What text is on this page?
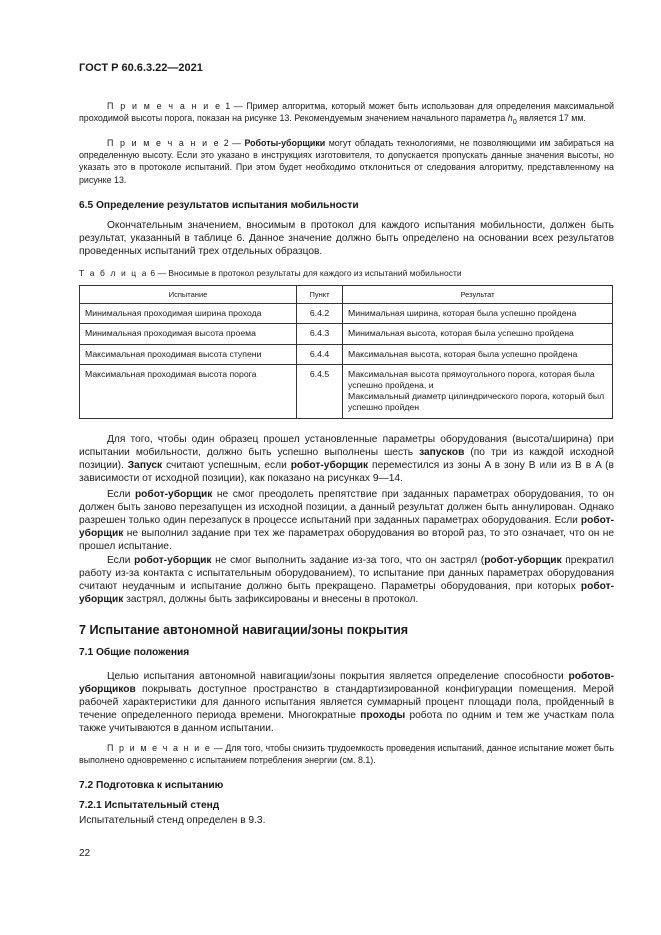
ГОСТ Р 60.6.3.22—2021

П р и м е ч а н и е 1 — Пример алгоритма, который может быть использован для определения максимальной проходимой высоты порога, показан на рисунке 13. Рекомендуемым значением начального параметра $h_0$ является 17 мм.

П р и м е ч а н и е 2 — Роботы-уборщики могут обладать технологиями, не позволяющими им забираться на определенную высоту. Если это указано в инструкциях изготовителя, то допускается пропускать данные значения высоты, но указать это в протоколе испытаний. При этом будет необходимо отклониться от следования алгоритму, представленному на рисунке 13.

6.5 Определение результатов испытания мобильности

Окончательным значением, вносимым в протокол для каждого испытания мобильности, должен быть результат, указанный в таблице 6. Данное значение должно быть определено на основании всех результатов проведенных испытаний трех отдельных образцов.

Т а б л и ц а 6 — Вносимые в протокол результаты для каждого из испытаний мобильности
Испытание	Пункт	Результат
Минимальная проходимая ширина прохода	6.4.2	Минимальная ширина, которая была успешно пройдена
Минимальная проходимая высота проема	6.4.3	Минимальная высота, которая была успешно пройдена
Максимальная проходимая высота ступени	6.4.4	Максимальная высота, которая была успешно пройдена
Максимальная проходимая высота порога	6.4.5	Максимальная высота прямоугольного порога, которая была успешно пройдена, и
Максимальный диаметр цилиндрического порога, который был успешно пройден

Для того, чтобы один образец прошел установленные параметры оборудования (высота/ширина) при испытании мобильности, должно быть успешно выполнены шесть запусков (по три из каждой исходной позиции). Запуск считают успешным, если робот-уборщик переместился из зоны A в зону B или из B в A (в зависимости от исходной позиции), как показано на рисунках 9—14.

Если робот-уборщик не смог преодолеть препятствие при заданных параметрах оборудования, то он должен быть заново перезапущен из исходной позиции, а данный результат должен быть аннулирован. Однако разрешен только один перезапуск в процессе испытаний при заданных параметрах оборудования. Если робот-уборщик не выполнил задание при тех же параметрах оборудования во второй раз, то это означает, что он не прошел испытание.

Если робот-уборщик не смог выполнить задание из-за того, что он застрял (робот-уборщик прекратил работу из-за контакта с испытательным оборудованием), то испытание при данных параметрах оборудования считают неудачным и испытание должно быть прекращено. Параметры оборудования, при которых робот-уборщик застрял, должны быть зафиксированы и внесены в протокол.

7 Испытание автономной навигации/зоны покрытия
7.1 Общие положения

Целью испытания автономной навигации/зоны покрытия является определение способности роботов-уборщиков покрывать доступное пространство в стандартизированной конфигурации помещения. Мерой рабочей характеристики для данного испытания является суммарный процент площади пола, пройденный в течение определенного периода времени. Многократные проходы робота по одним и тем же участкам пола также учитываются в данном испытании.

П р и м е ч а н и е — Для того, чтобы снизить трудоемкость проведения испытаний, данное испытание может быть выполнено одновременно с испытанием потребления энергии (см. 8.1).

7.2 Подготовка к испытанию
7.2.1 Испытательный стенд

Испытательный стенд определен в 9.3.

22
